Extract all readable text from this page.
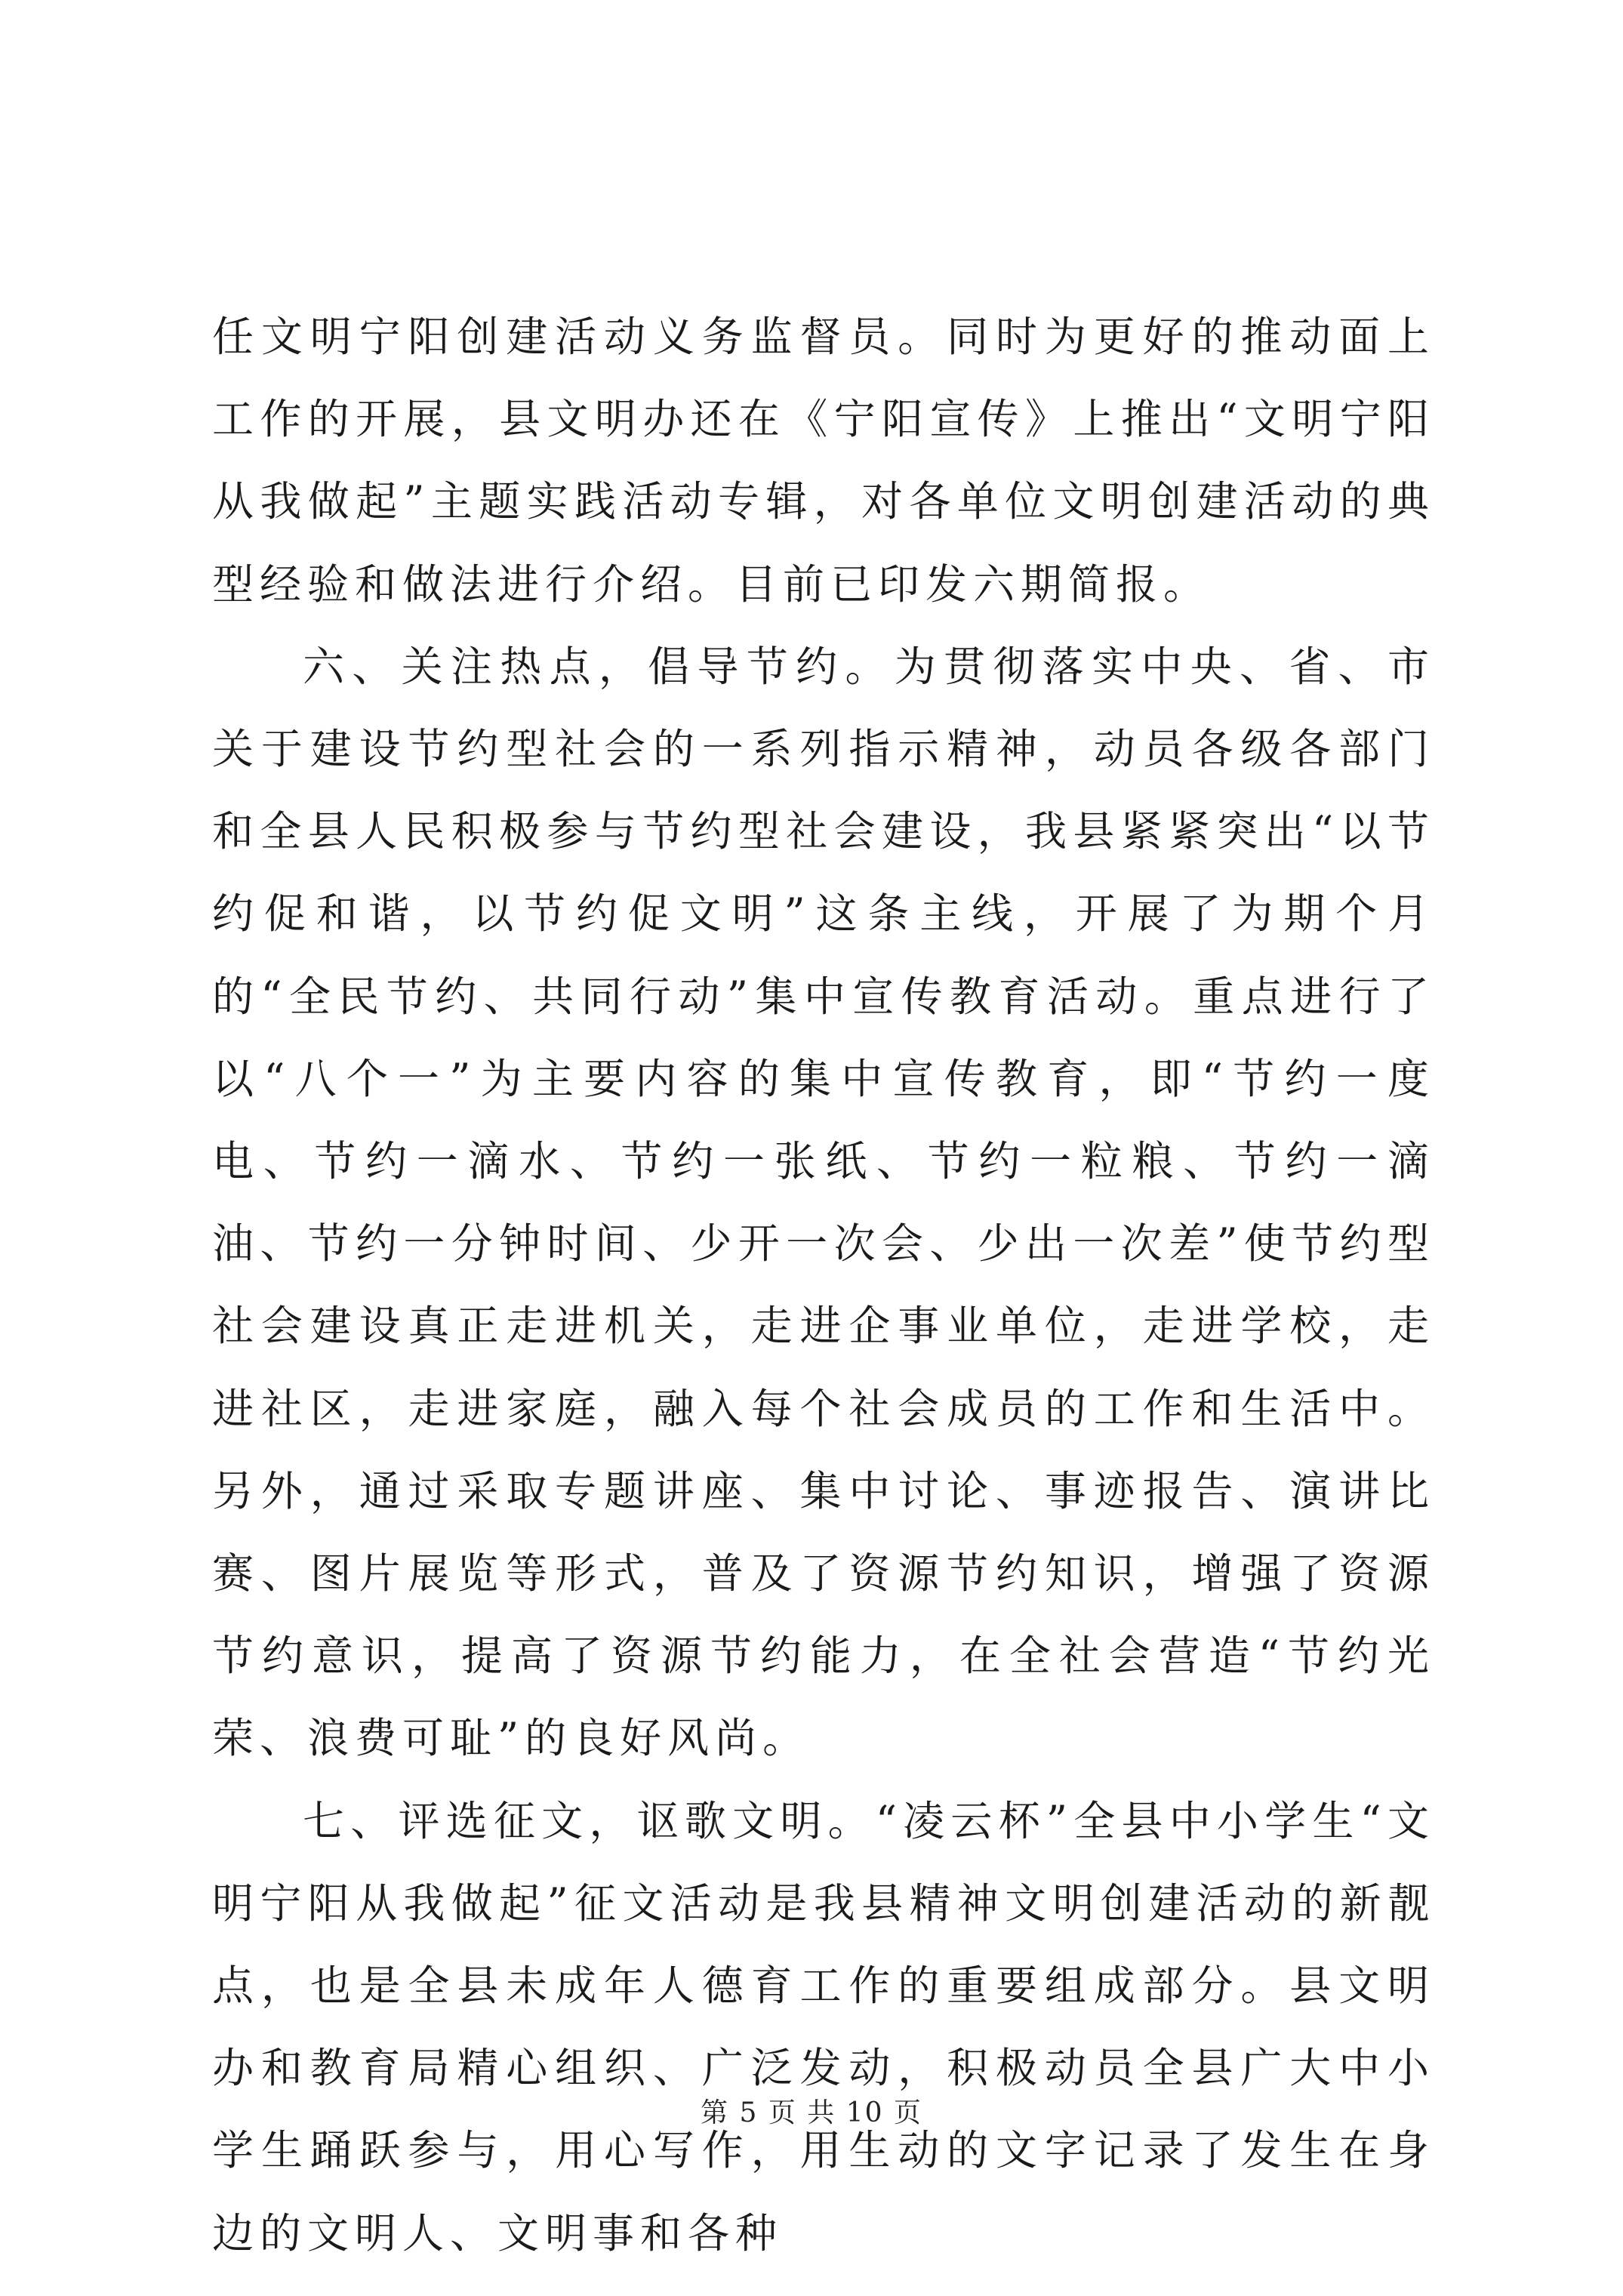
任文明宁阳创建活动义务监督员。同时为更好的推动面上工作的开展，县文明办还在《宁阳宣传》上推出“文明宁阳从我做起”主题实践活动专辑，对各单位文明创建活动的典型经验和做法进行介绍。目前已印发六期简报。

六、关注热点，倡导节约。为贯彻落实中央、省、市关于建设节约型社会的一系列指示精神，动员各级各部门和全县人民积极参与节约型社会建设，我县紧紧突出“以节约促和谐，以节约促文明”这条主线，开展了为期个月的“全民节约、共同行动”集中宣传教育活动。重点进行了以“八个一”为主要内容的集中宣传教育，即“节约一度电、节约一滴水、节约一张纸、节约一粒粮、节约一滴油、节约一分钟时间、少开一次会、少出一次差”使节约型社会建设真正走进机关，走进企事业单位，走进学校，走进社区，走进家庭，融入每个社会成员的工作和生活中。另外，通过采取专题讲座、集中讨论、事迹报告、演讲比赛、图片展览等形式，普及了资源节约知识，增强了资源节约意识，提高了资源节约能力，在全社会营造“节约光荣、浪费可耻”的良好风尚。

七、评选征文，讴歌文明。“凌云杯”全县中小学生“文明宁阳从我做起”征文活动是我县精神文明创建活动的新靓点，也是全县未成年人德育工作的重要组成部分。县文明办和教育局精心组织、广泛发动，积极动员全县广大中小学生踊跃参与，用心写作，用生动的文字记录了发生在身边的文明人、文明事和各种

第 5 页 共 10 页
